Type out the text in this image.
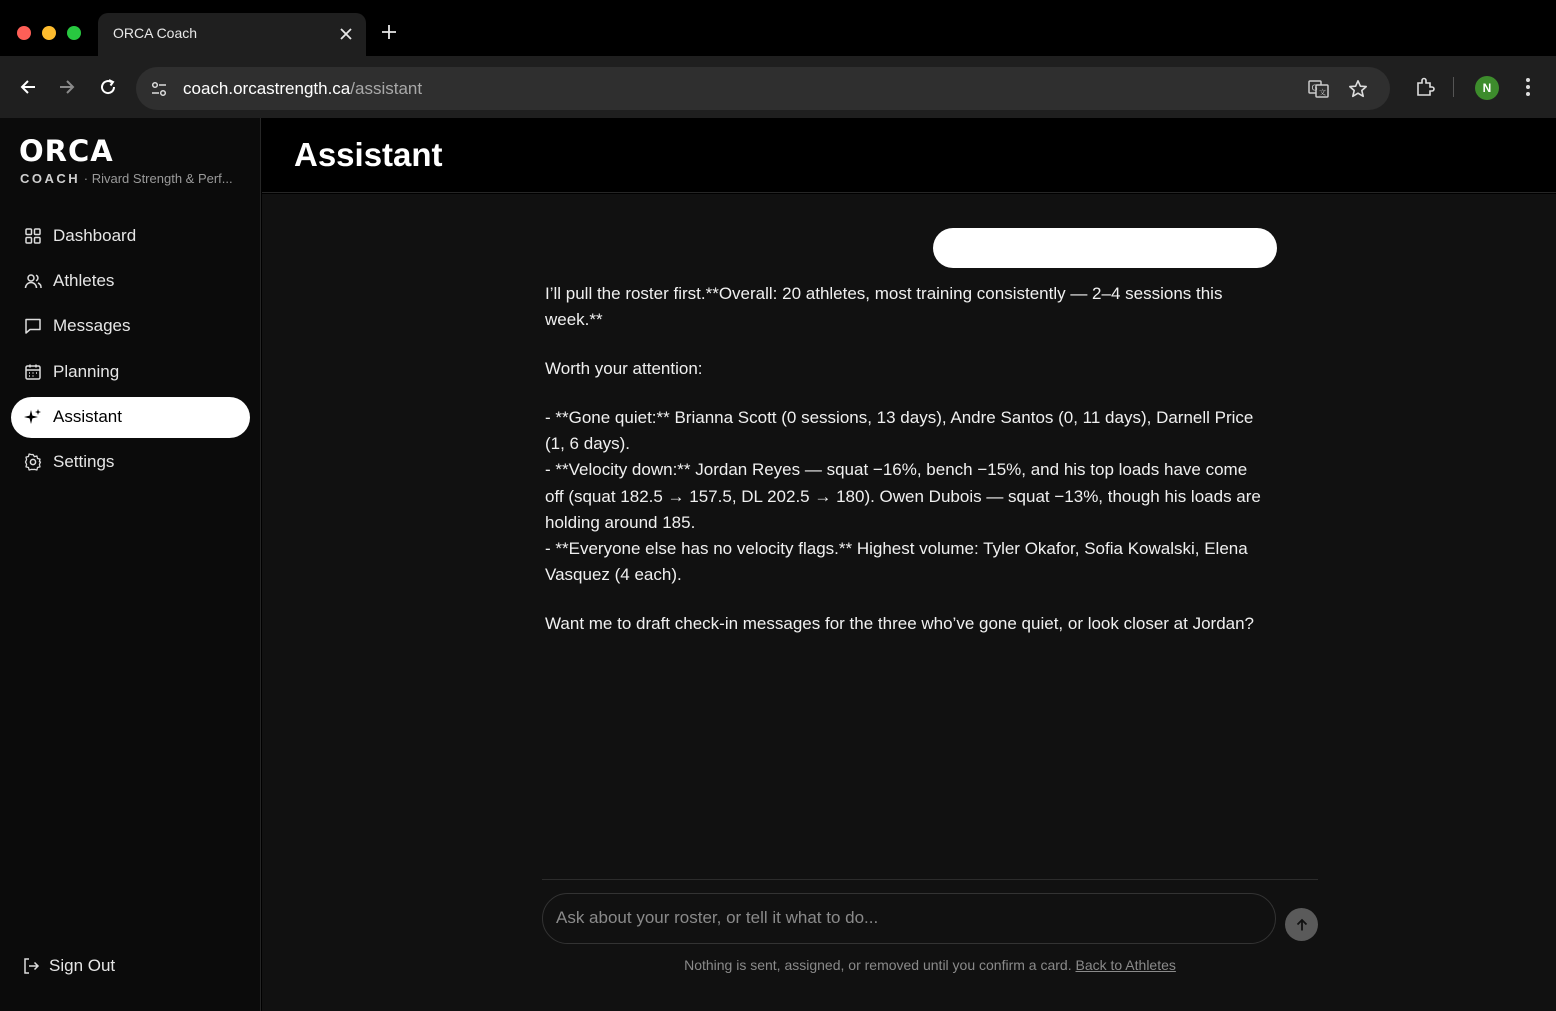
ORCA Coach
coach.orcastrength.ca/assistant	G 文	N
ORCA
COACH · Rivard Strength & Perf...
Dashboard
Athletes
Messages
Planning
Assistant
Settings
Sign Out
Assistant

I’ll pull the roster first.**Overall: 20 athletes, most training consistently — 2–4 sessions this week.**

Worth your attention:

- **Gone quiet:** Brianna Scott (0 sessions, 13 days), Andre Santos (0, 11 days), Darnell Price (1, 6 days).

- **Velocity down:** Jordan Reyes — squat −16%, bench −15%, and his top loads have come off (squat 182.5 → 157.5, DL 202.5 → 180). Owen Dubois — squat −13%, though his loads are holding around 185.

- **Everyone else has no velocity flags.** Highest volume: Tyler Okafor, Sofia Kowalski, Elena Vasquez (4 each).

Want me to draft check-in messages for the three who’ve gone quiet, or look closer at Jordan?

Ask about your roster, or tell it what to do...
Nothing is sent, assigned, or removed until you confirm a card. Back to Athletes
